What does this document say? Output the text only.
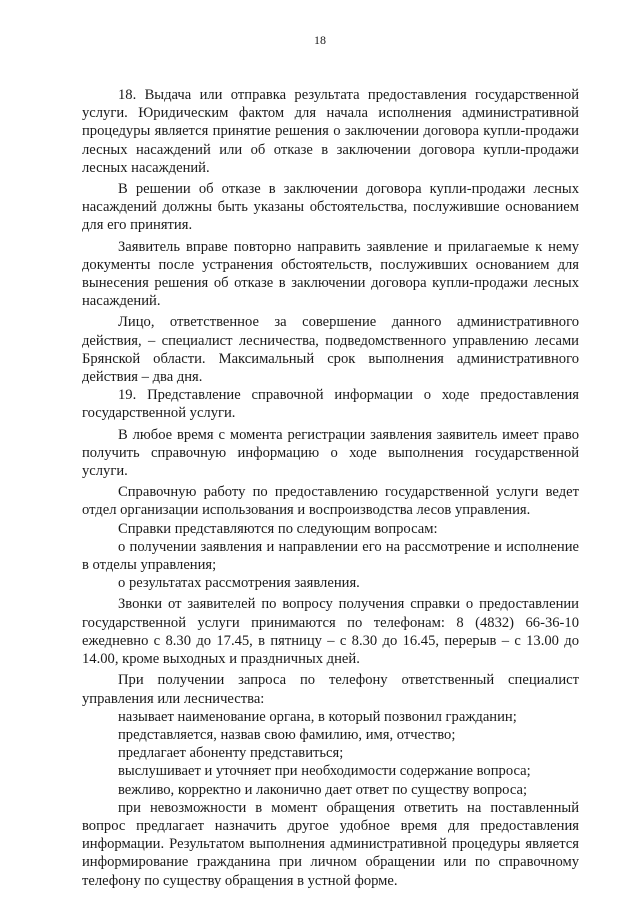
18

18. Выдача или отправка результата предоставления государственной услуги. Юридическим фактом для начала исполнения административной процедуры является принятие решения о заключении договора купли-продажи лесных насаждений или об отказе в заключении договора купли-продажи лесных насаждений.

В решении об отказе в заключении договора купли-продажи лесных насаждений должны быть указаны обстоятельства, послужившие основанием для его принятия.

Заявитель вправе повторно направить заявление и прилагаемые к нему документы после устранения обстоятельств, послуживших основанием для вынесения решения об отказе в заключении договора купли-продажи лесных насаждений.

Лицо, ответственное за совершение данного административного действия, – специалист лесничества, подведомственного управлению лесами Брянской области. Максимальный срок выполнения административного действия – два дня.

19. Представление справочной информации о ходе предоставления государственной услуги.

В любое время с момента регистрации заявления заявитель имеет право получить справочную информацию о ходе выполнения государственной услуги.

Справочную работу по предоставлению государственной услуги ведет отдел организации использования и воспроизводства лесов управления.

Справки представляются по следующим вопросам:

о получении заявления и направлении его на рассмотрение и исполнение в отделы управления;

о результатах рассмотрения заявления.

Звонки от заявителей по вопросу получения справки о предоставлении государственной услуги принимаются по телефонам: 8 (4832) 66-36-10 ежедневно с 8.30 до 17.45, в пятницу – с 8.30 до 16.45, перерыв – с 13.00 до 14.00, кроме выходных и праздничных дней.

При получении запроса по телефону ответственный специалист управления или лесничества:

называет наименование органа, в который позвонил гражданин;

представляется, назвав свою фамилию, имя, отчество;

предлагает абоненту представиться;

выслушивает и уточняет при необходимости содержание вопроса;

вежливо, корректно и лаконично дает ответ по существу вопроса;

при невозможности в момент обращения ответить на поставленный вопрос предлагает назначить другое удобное время для предоставления информации. Результатом выполнения административной процедуры является информирование гражданина при личном обращении или по справочному телефону по существу обращения в устной форме.
